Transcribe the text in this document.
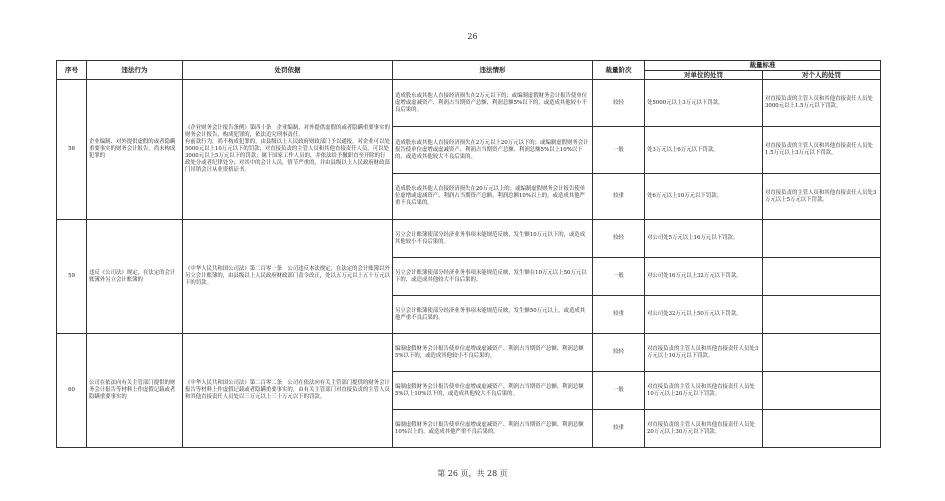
26
序号	违法行为	处罚依据	违法情形	裁量阶次	裁量标准	
					对单位的处罚	对个人的处罚
58	企业编制、对外提供虚假的或者隐瞒重要事实的财务会计报告，尚未构成犯罪的	《企业财务会计报告条例》第四十条　企业编制、对外提供虚假的或者隐瞒重要事实的财务会计报告，构成犯罪的，依法追究刑事责任。
有前款行为，尚不构成犯罪的，由县级以上人民政府财政部门予以通报，对企业可以处5000元以上10万元以下的罚款；对直接负责的主管人员和其他直接责任人员，可以处3000元以上5万元以下的罚款；属于国家工作人员的，并依法给予撤职直至开除的行政处分或者纪律处分；对其中的会计人员，情节严重的，并由县级以上人民政府财政部门吊销会计从业资格证书。	造成股东或其他人直接经济损失在2万元以下的；或编制虚假财务会计报告使单位虚增或虚减资产、利润占当期资产总额、利润总额5%以下的，或造成其他较小不良后果的。	较轻	处5000元以上3万元以下罚款。	对直接负责的主管人员和其他直接责任人员处3000元以上1.5万元以下罚款。
			造成股东或其他人直接经济损失在2万元以上20万元以下的；或编制虚假财务会计报告使单位虚增或虚减资产、利润占当期资产总额、利润总额5%以上10%以下的，或造成其他较大不良后果的。	一般	处3万元以上6万元以下罚款。	对直接负责的主管人员和其他直接责任人员处1.5万元以上3万元以下罚款。
			造成股东或其他人直接经济损失在20万元以上的；或编制虚假财务会计报告使单位虚增或虚减资产、利润占当期资产总额、利润总额10%以上的，或造成其他严重不良后果的。	较重	处6万元以上10万元以下罚款。	对直接负责的主管人员和其他直接责任人员处3万元以上5万元以下罚款。
59	违反《公司法》规定，在法定的会计账簿外另立会计账簿的	《中华人民共和国公司法》第二百零一条　公司违反本法规定，在法定的会计账簿以外另立会计账簿的，由县级以上人民政府财政部门责令改正，处以五万元以上五十万元以下的罚款。	另立会计账簿使部分经济业务事项未能规范反映，发生额10万元以下的，或造成其他较小不良后果的。	较轻	对公司处5万元以上16万元以下罚款。	
			另立会计账簿使部分经济业务事项未能规范反映，发生额在10万元以上50万元以下的，或造成其他较大不良后果的。	一般	对公司处16万元以上32万元以下罚款。	
			另立会计账簿使部分经济业务事项未能规范反映，发生额50万元以上，或造成其他严重不良后果的。	较重	对公司处32万元以上50万元以下罚款。	
60	公司在依法向有关主管部门提供的财务会计报告等材料上作虚假记载或者隐瞒重要事实的	《中华人民共和国公司法》第二百零二条　公司在依法向有关主管部门提供的财务会计报告等材料上作虚假记载或者隐瞒重要事实的，由有关主管部门对直接负责的主管人员和其他直接责任人员处以三万元以上三十万元以下的罚款。	编制虚假财务会计报告使单位虚增或虚减资产、利润占当期资产总额、利润总额5%以下的，或造成其他较小不良后果的。	较轻	对直接负责的主管人员和其他直接责任人员处3万元以上10万元以下罚款。	
			编制虚假财务会计报告使单位虚增或虚减资产、利润占当期资产总额、利润总额5%以上10%以下的，或造成其他较大不良后果的。	一般	对直接负责的主管人员和其他直接责任人员处10万元以上20万元以下罚款。	
			编制虚假财务会计报告使单位虚增或虚减资产、利润占当期资产总额、利润总额10%以上的，或造成其他严重不良后果的。	较重	对直接负责的主管人员和其他直接责任人员处20万元以上30万元以下罚款。	
第 26 页，共 28 页
